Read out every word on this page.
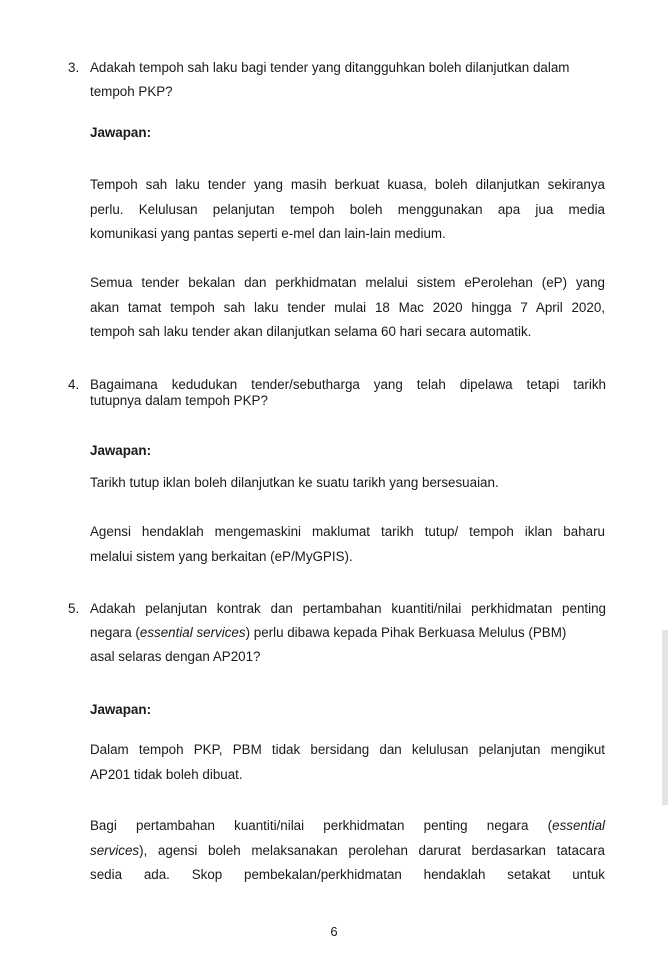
3. Adakah tempoh sah laku bagi tender yang ditangguhkan boleh dilanjutkan dalam
tempoh PKP?
Jawapan:
Tempoh sah laku tender yang masih berkuat kuasa, boleh dilanjutkan sekiranya
perlu. Kelulusan pelanjutan tempoh boleh menggunakan apa jua media
komunikasi yang pantas seperti e-mel dan lain-lain medium.
Semua tender bekalan dan perkhidmatan melalui sistem ePerolehan (eP) yang
akan tamat tempoh sah laku tender mulai 18 Mac 2020 hingga 7 April 2020,
tempoh sah laku tender akan dilanjutkan selama 60 hari secara automatik.
4. Bagaimana kedudukan tender/sebutharga yang telah dipelawa tetapi tarikh
tutupnya dalam tempoh PKP?
Jawapan:
Tarikh tutup iklan boleh dilanjutkan ke suatu tarikh yang bersesuaian.
Agensi hendaklah mengemaskini maklumat tarikh tutup/ tempoh iklan baharu
melalui sistem yang berkaitan (eP/MyGPIS).
5. Adakah pelanjutan kontrak dan pertambahan kuantiti/nilai perkhidmatan penting
negara (essential services) perlu dibawa kepada Pihak Berkuasa Melulus (PBM)
asal selaras dengan AP201?
Jawapan:
Dalam tempoh PKP, PBM tidak bersidang dan kelulusan pelanjutan mengikut
AP201 tidak boleh dibuat.
Bagi pertambahan kuantiti/nilai perkhidmatan penting negara (essential
services), agensi boleh melaksanakan perolehan darurat berdasarkan tatacara
sedia ada. Skop pembekalan/perkhidmatan hendaklah setakat untuk
6
